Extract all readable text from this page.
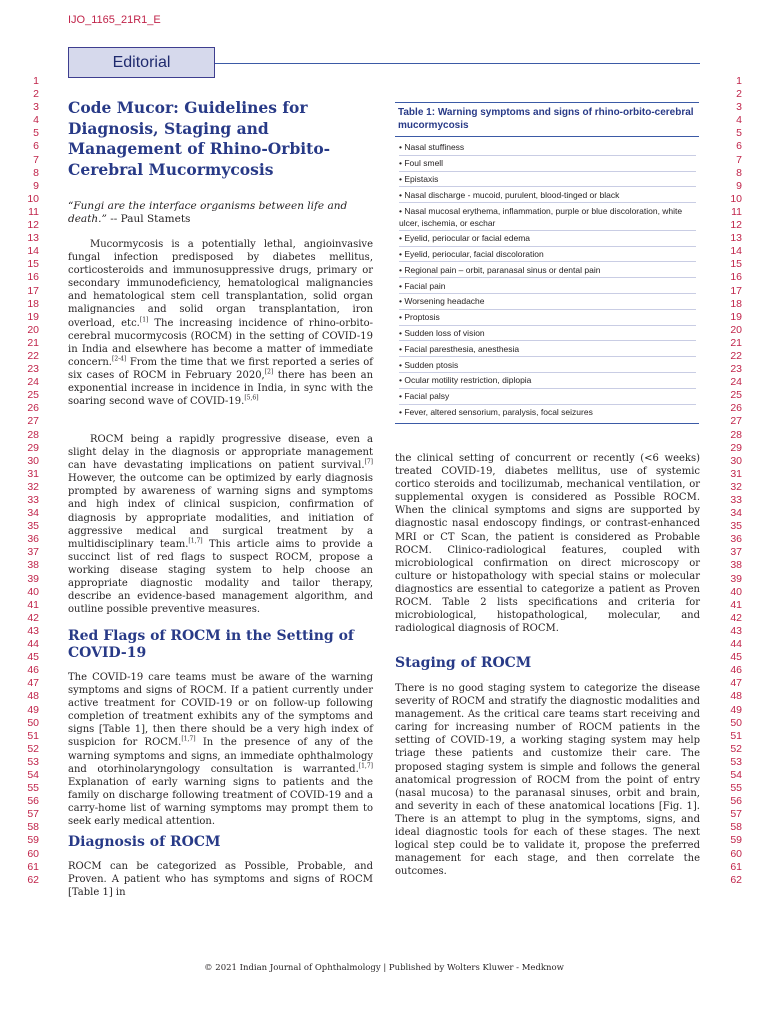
IJO_1165_21R1_E
Editorial
1
2
3
4
5
6
7
8
9
10
11
12
13
14
15
16
17
18
19
20
21
22
23
24
25
26
27
28
29
30
31
32
33
34
35
36
37
38
39
40
41
42
43
44
45
46
47
48
49
50
51
52
53
54
55
56
57
58
59
60
61
62
1
2
3
4
5
6
7
8
9
10
11
12
13
14
15
16
17
18
19
20
21
22
23
24
25
26
27
28
29
30
31
32
33
34
35
36
37
38
39
40
41
42
43
44
45
46
47
48
49
50
51
52
53
54
55
56
57
58
59
60
61
62
Code Mucor: Guidelines for Diagnosis, Staging and Management of Rhino-Orbito-Cerebral Mucormycosis
“Fungi are the interface organisms between life and death.” -- Paul Stamets

Mucormycosis is a potentially lethal, angioinvasive fungal infection predisposed by diabetes mellitus, corticosteroids and immunosuppressive drugs, primary or secondary immunodeficiency, hematological malignancies and hematological stem cell transplantation, solid organ malignancies and solid organ transplantation, iron overload, etc.[1] The increasing incidence of rhino-orbito-cerebral mucormycosis (ROCM) in the setting of COVID-19 in India and elsewhere has become a matter of immediate concern.[2-4] From the time that we first reported a series of six cases of ROCM in February 2020,[2] there has been an exponential increase in incidence in India, in sync with the soaring second wave of COVID-19.[5,6]

ROCM being a rapidly progressive disease, even a slight delay in the diagnosis or appropriate management can have devastating implications on patient survival.[7] However, the outcome can be optimized by early diagnosis prompted by awareness of warning signs and symptoms and high index of clinical suspicion, confirmation of diagnosis by appropriate modalities, and initiation of aggressive medical and surgical treatment by a multidisciplinary team.[1,7] This article aims to provide a succinct list of red flags to suspect ROCM, propose a working disease staging system to help choose an appropriate diagnostic modality and tailor therapy, describe an evidence-based management algorithm, and outline possible preventive measures.

Red Flags of ROCM in the Setting of COVID-19

The COVID-19 care teams must be aware of the warning symptoms and signs of ROCM. If a patient currently under active treatment for COVID-19 or on follow-up following completion of treatment exhibits any of the symptoms and signs [Table 1], then there should be a very high index of suspicion for ROCM.[1,7] In the presence of any of the warning symptoms and signs, an immediate ophthalmology and otorhinolaryngology consultation is warranted.[1,7] Explanation of early warning signs to patients and the family on discharge following treatment of COVID-19 and a carry-home list of warning symptoms may prompt them to seek early medical attention.

Diagnosis of ROCM

ROCM can be categorized as Possible, Probable, and Proven. A patient who has symptoms and signs of ROCM [Table 1] in

Table 1: Warning symptoms and signs of rhino-orbito-cerebral mucormycosis
• Nasal stuffiness
• Foul smell
• Epistaxis
• Nasal discharge - mucoid, purulent, blood-tinged or black
• Nasal mucosal erythema, inflammation, purple or blue discoloration, white ulcer, ischemia, or eschar
• Eyelid, periocular or facial edema
• Eyelid, periocular, facial discoloration
• Regional pain – orbit, paranasal sinus or dental pain
• Facial pain
• Worsening headache
• Proptosis
• Sudden loss of vision
• Facial paresthesia, anesthesia
• Sudden ptosis
• Ocular motility restriction, diplopia
• Facial palsy
• Fever, altered sensorium, paralysis, focal seizures

the clinical setting of concurrent or recently (<6 weeks) treated COVID-19, diabetes mellitus, use of systemic cortico steroids and tocilizumab, mechanical ventilation, or supplemental oxygen is considered as Possible ROCM. When the clinical symptoms and signs are supported by diagnostic nasal endoscopy findings, or contrast-enhanced MRI or CT Scan, the patient is considered as Probable ROCM. Clinico-radiological features, coupled with microbiological confirmation on direct microscopy or culture or histopathology with special stains or molecular diagnostics are essential to categorize a patient as Proven ROCM. Table 2 lists specifications and criteria for microbiological, histopathological, molecular, and radiological diagnosis of ROCM.

Staging of ROCM

There is no good staging system to categorize the disease severity of ROCM and stratify the diagnostic modalities and management. As the critical care teams start receiving and caring for increasing number of ROCM patients in the setting of COVID-19, a working staging system may help triage these patients and customize their care. The proposed staging system is simple and follows the general anatomical progression of ROCM from the point of entry (nasal mucosa) to the paranasal sinuses, orbit and brain, and severity in each of these anatomical locations [Fig. 1]. There is an attempt to plug in the symptoms, signs, and ideal diagnostic tools for each of these stages. The next logical step could be to validate it, propose the preferred management for each stage, and then correlate the outcomes.

© 2021 Indian Journal of Ophthalmology | Published by Wolters Kluwer - Medknow
